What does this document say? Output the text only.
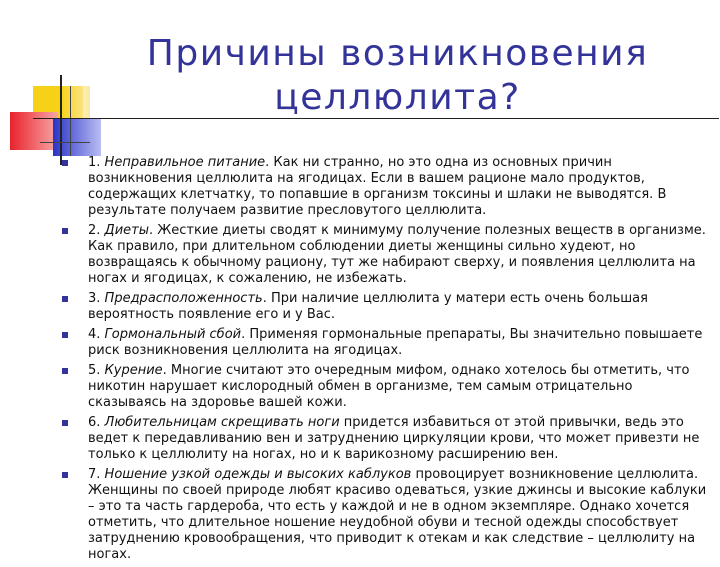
Причины возникновения целлюлита?
1. Неправильное питание. Как ни странно, но это одна из основных причин возникновения целлюлита на ягодицах. Если в вашем рационе мало продуктов, содержащих клетчатку, то попавшие в организм токсины и шлаки не выводятся. В результате получаем развитие пресловутого целлюлита.
2. Диеты. Жесткие диеты сводят к минимуму получение полезных веществ в организме. Как правило, при длительном соблюдении диеты женщины сильно худеют, но возвращаясь к обычному рациону, тут же набирают сверху, и появления целлюлита на ногах и ягодицах, к сожалению, не избежать.
3. Предрасположенность. При наличие целлюлита у матери есть очень большая вероятность появление его и у Вас.
4. Гормональный сбой. Применяя гормональные препараты, Вы значительно повышаете риск возникновения целлюлита на ягодицах.
5. Курение. Многие считают это очередным мифом, однако хотелось бы отметить, что никотин нарушает кислородный обмен в организме, тем самым отрицательно сказываясь на здоровье вашей кожи.
6. Любительницам скрещивать ноги придется избавиться от этой привычки, ведь это ведет к передавливанию вен и затруднению циркуляции крови, что может привезти не только к целлюлиту на ногах, но и к варикозному расширению вен.
7. Ношение узкой одежды и высоких каблуков провоцирует возникновение целлюлита. Женщины по своей природе любят красиво одеваться, узкие джинсы и высокие каблуки – это та часть гардероба, что есть у каждой и не в одном экземпляре. Однако хочется отметить, что длительное ношение неудобной обуви и тесной одежды способствует затруднению кровообращения, что приводит к отекам и как следствие – целлюлиту на ногах.
